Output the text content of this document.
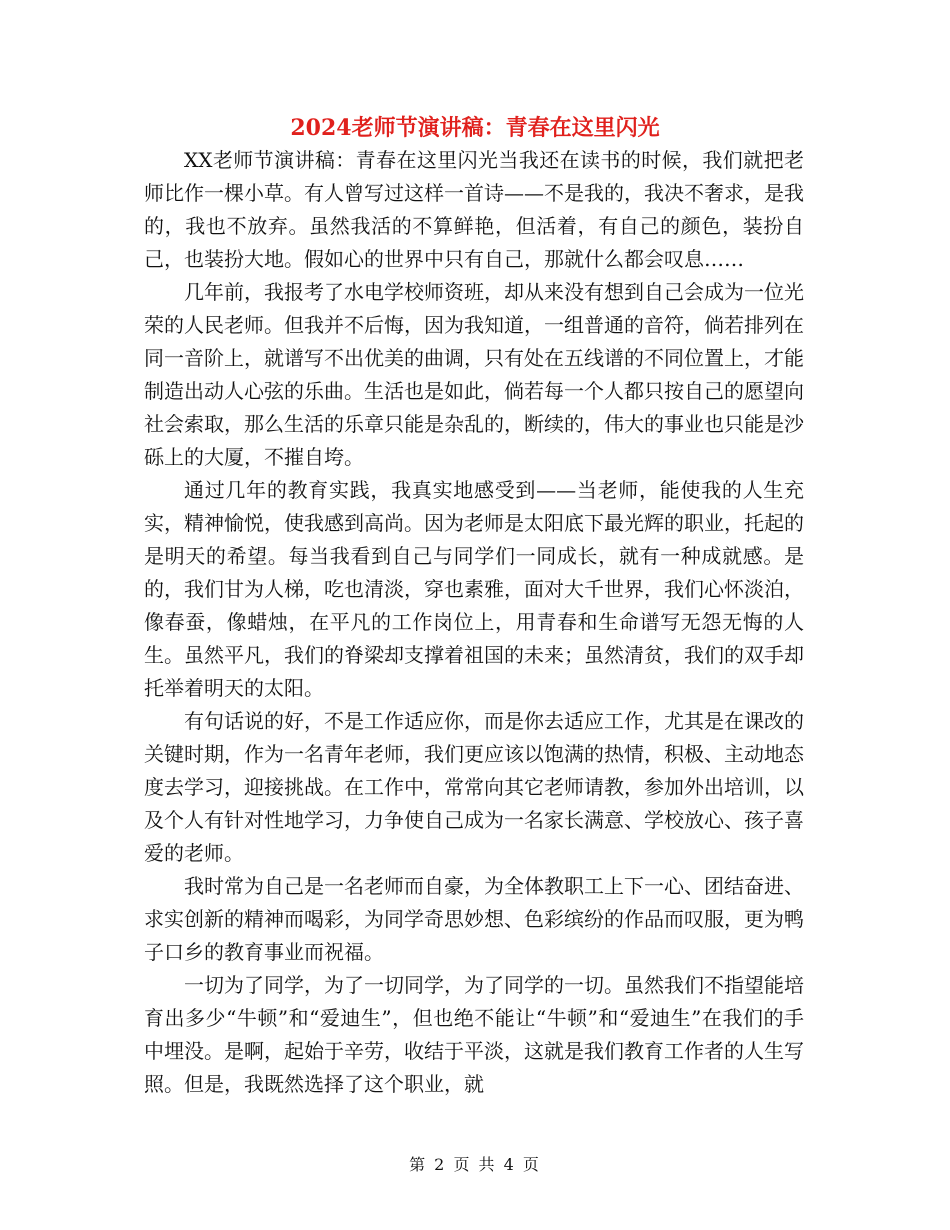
2024老师节演讲稿：青春在这里闪光

XX老师节演讲稿：青春在这里闪光当我还在读书的时候，我们就把老师比作一棵小草。有人曾写过这样一首诗——不是我的，我决不奢求，是我的，我也不放弃。虽然我活的不算鲜艳，但活着，有自己的颜色，装扮自己，也装扮大地。假如心的世界中只有自己，那就什么都会叹息……

几年前，我报考了水电学校师资班，却从来没有想到自己会成为一位光荣的人民老师。但我并不后悔，因为我知道，一组普通的音符，倘若排列在同一音阶上，就谱写不出优美的曲调，只有处在五线谱的不同位置上，才能制造出动人心弦的乐曲。生活也是如此，倘若每一个人都只按自己的愿望向社会索取，那么生活的乐章只能是杂乱的，断续的，伟大的事业也只能是沙砾上的大厦，不摧自垮。

通过几年的教育实践，我真实地感受到——当老师，能使我的人生充实，精神愉悦，使我感到高尚。因为老师是太阳底下最光辉的职业，托起的是明天的希望。每当我看到自己与同学们一同成长，就有一种成就感。是的，我们甘为人梯，吃也清淡，穿也素雅，面对大千世界，我们心怀淡泊，像春蚕，像蜡烛，在平凡的工作岗位上，用青春和生命谱写无怨无悔的人生。虽然平凡，我们的脊梁却支撑着祖国的未来；虽然清贫，我们的双手却托举着明天的太阳。

有句话说的好，不是工作适应你，而是你去适应工作，尤其是在课改的关键时期，作为一名青年老师，我们更应该以饱满的热情，积极、主动地态度去学习，迎接挑战。在工作中，常常向其它老师请教，参加外出培训，以及个人有针对性地学习，力争使自己成为一名家长满意、学校放心、孩子喜爱的老师。

我时常为自己是一名老师而自豪，为全体教职工上下一心、团结奋进、求实创新的精神而喝彩，为同学奇思妙想、色彩缤纷的作品而叹服，更为鸭子口乡的教育事业而祝福。

一切为了同学，为了一切同学，为了同学的一切。虽然我们不指望能培育出多少“牛顿”和“爱迪生”，但也绝不能让“牛顿”和“爱迪生”在我们的手中埋没。是啊，起始于辛劳，收结于平淡，这就是我们教育工作者的人生写照。但是，我既然选择了这个职业，就

第 2 页 共 4 页
